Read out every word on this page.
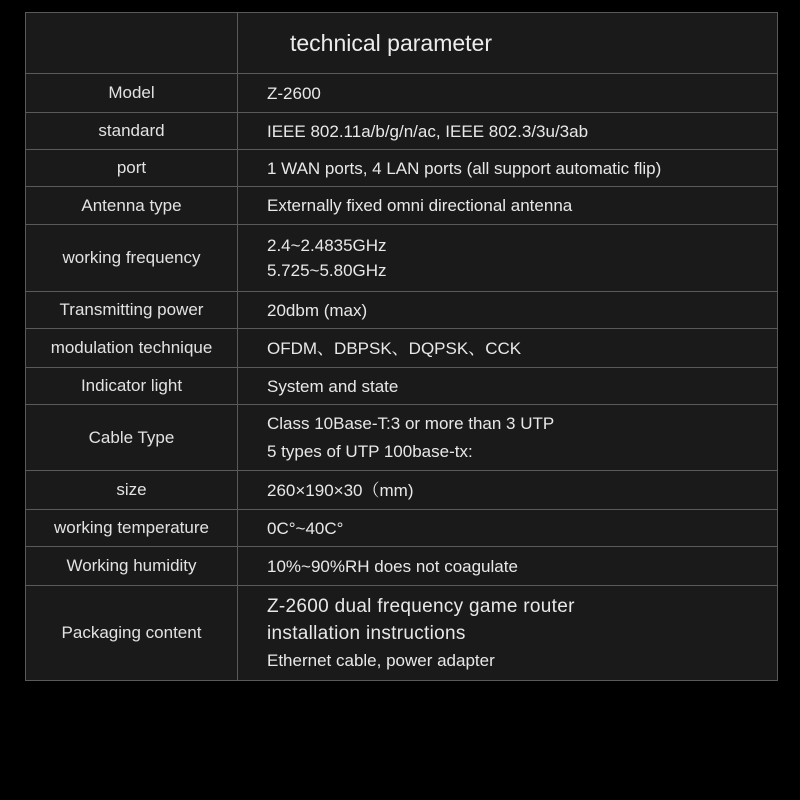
	technical parameter
Model	Z-2600

standard	IEEE 802.11a/b/g/n/ac, IEEE 802.3/3u/3ab

port	1 WAN ports, 4 LAN ports (all support automatic flip)

Antenna type	Externally fixed omni directional antenna

working frequency	2.4~2.4835GHz
5.725~5.80GHz

Transmitting power	20dbm (max)

modulation technique	OFDM、DBPSK、DQPSK、CCK

Indicator light	System and state

Cable Type	Class 10Base-T:3 or more than 3 UTP
5 types of UTP 100base-tx:

size	260×190×30（mm)

working temperature	0C°~40C°

Working humidity	10%~90%RH does not coagulate

Packaging content	Z-2600 dual frequency game router
installation instructions
Ethernet cable, power adapter
